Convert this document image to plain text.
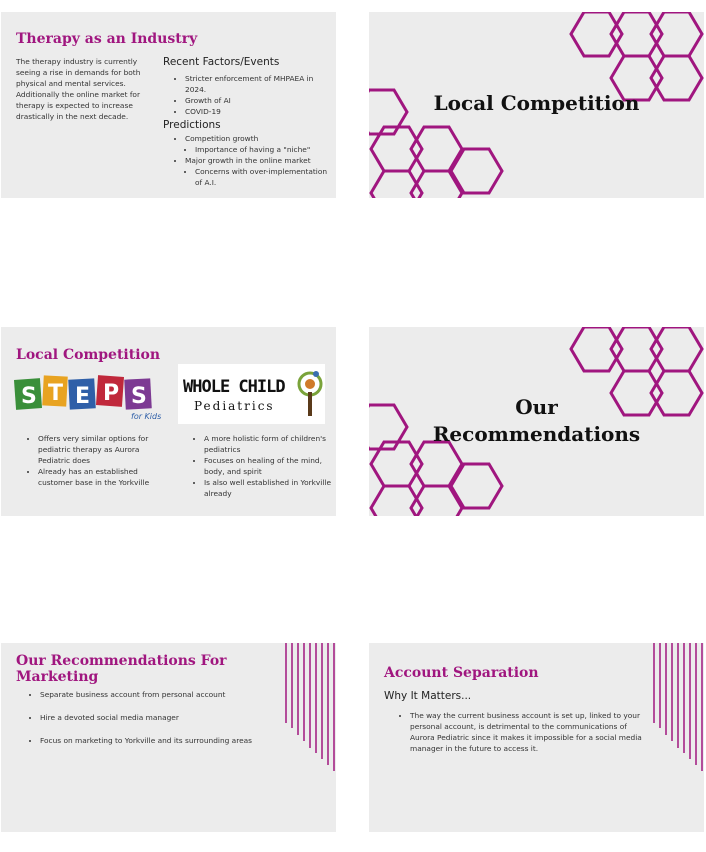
Therapy as an Industry
The therapy industry is currently seeing a rise in demands for both physical and mental services. Additionally the online market for therapy is expected to increase drastically in the next decade.
Recent Factors/Events
• Stricter enforcement of MHPAEA in 2024.
• Growth of AI
• COVID-19
Predictions
• Competition growth
• Importance of having a "niche"
• Major growth in the online market
• Concerns with over-implementation of A.I.
Local Competition
Local Competition
S T E P S
for Kids
WHOLE CHILD
Pediatrics
• Offers very similar options for pediatric therapy as Aurora Pediatric does
• Already has an established customer base in the Yorkville
• A more holistic form of children's pediatrics
• Focuses on healing of the mind, body, and spirit
• Is also well established in Yorkville already
Our
Recommendations
Our Recommendations For Marketing
• Separate business account from personal account
• Hire a devoted social media manager
• Focus on marketing to Yorkville and its surrounding areas
Account Separation
Why It Matters...
• The way the current business account is set up, linked to your personal account, is detrimental to the communications of Aurora Pediatric since it makes it impossible for a social media manager in the future to access it.
